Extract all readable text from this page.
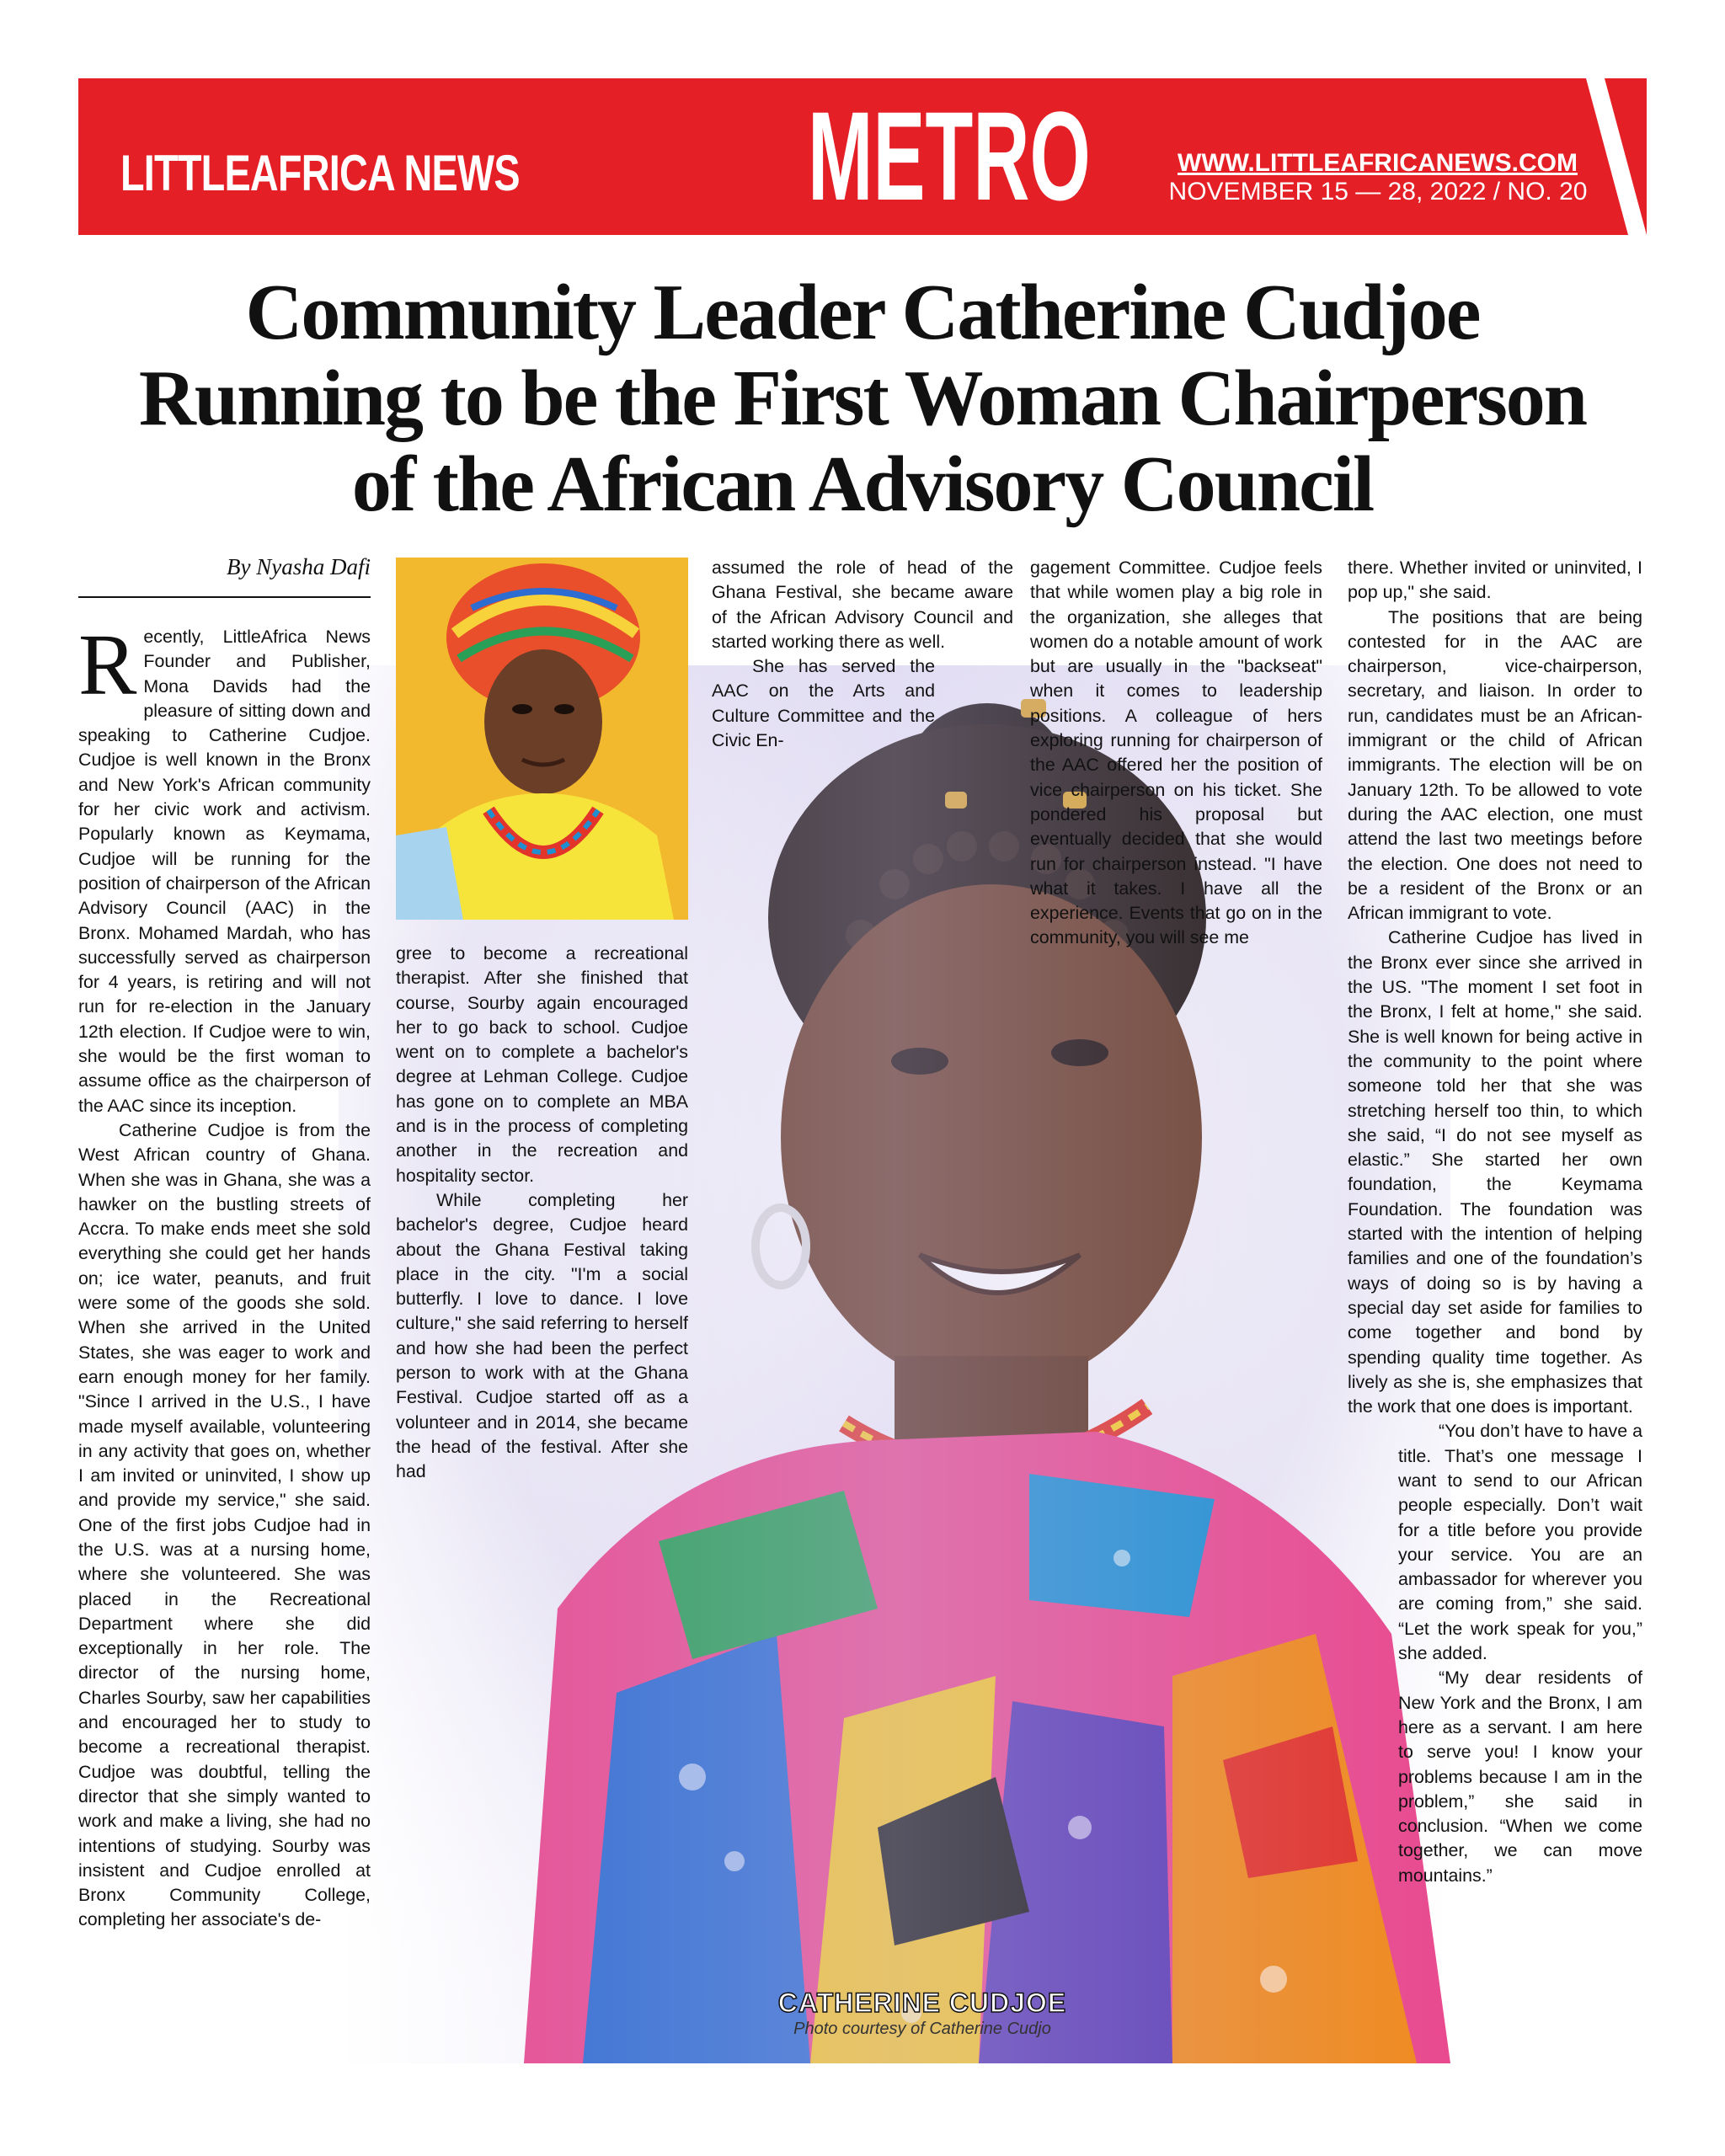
LITTLEAFRICA NEWS METRO	WWW.LITTLEAFRICANEWS.COM
NOVEMBER 15 — 28, 2022 / NO. 20 5
Community Leader Catherine Cudjoe
Running to be the First Woman Chairperson
of the African Advisory Council
By Nyasha Dafi

Recently, LittleAfrica News Founder and Publisher, Mona Davids had the pleasure of sitting down and speaking to Catherine Cudjoe. Cudjoe is well known in the Bronx and New York's African community for her civic work and activism. Popularly known as Keymama, Cudjoe will be running for the position of chairperson of the African Advisory Council (AAC) in the Bronx. Mohamed Mardah, who has successfully served as chairperson for 4 years, is retiring and will not run for re-election in the January 12th election. If Cudjoe were to win, she would be the first woman to assume office as the chairperson of the AAC since its inception.

Catherine Cudjoe is from the West African country of Ghana. When she was in Ghana, she was a hawker on the bustling streets of Accra. To make ends meet she sold everything she could get her hands on; ice water, peanuts, and fruit were some of the goods she sold. When she arrived in the United States, she was eager to work and earn enough money for her family. "Since I arrived in the U.S., I have made myself available, volunteering in any activity that goes on, whether I am invited or uninvited, I show up and provide my service," she said. One of the first jobs Cudjoe had in the U.S. was at a nursing home, where she volunteered. She was placed in the Recreational Department where she did exceptionally in her role. The director of the nursing home, Charles Sourby, saw her capabilities and encouraged her to study to become a recreational therapist. Cudjoe was doubtful, telling the director that she simply wanted to work and make a living, she had no intentions of studying. Sourby was insistent and Cudjoe enrolled at Bronx Community College, completing her associate's de-

gree to become a recreational therapist. After she finished that course, Sourby again encouraged her to go back to school. Cudjoe went on to complete a bachelor's degree at Lehman College. Cudjoe has gone on to complete an MBA and is in the process of completing another in the recreation and hospitality sector.

While completing her bachelor's degree, Cudjoe heard about the Ghana Festival taking place in the city. "I'm a social butterfly. I love to dance. I love culture," she said referring to herself and how she had been the perfect person to work with at the Ghana Festival. Cudjoe started off as a volunteer and in 2014, she became the head of the festival. After she had

assumed the role of head of the Ghana Festival, she became aware of the African Advisory Council and started working there as well.

She has served the AAC on the Arts and Culture Committee and the Civic En-

gagement Committee. Cudjoe feels that while women play a big role in the organization, she alleges that women do a notable amount of work but are usually in the "backseat" when it comes to leadership positions. A colleague of hers exploring running for chairperson of the AAC offered her the position of vice chairperson on his ticket. She pondered his proposal but eventually decided that she would run for chairperson instead. "I have what it takes. I have all the experience. Events that go on in the community, you will see me

there. Whether invited or uninvited, I pop up," she said.

The positions that are being contested for in the AAC are chairperson, vice-chairperson, secretary, and liaison. In order to run, candidates must be an African-immigrant or the child of African immigrants. The election will be on January 12th. To be allowed to vote during the AAC election, one must attend the last two meetings before the election. One does not need to be a resident of the Bronx or an African immigrant to vote.

Catherine Cudjoe has lived in the Bronx ever since she arrived in the US. "The moment I set foot in the Bronx, I felt at home," she said. She is well known for being active in the community to the point where someone told her that she was stretching herself too thin, to which she said, “I do not see myself as elastic.” She started her own foundation, the Keymama Foundation. The foundation was started with the intention of helping families and one of the foundation’s ways of doing so is by having a special day set aside for families to come together and bond by spending quality time together. As lively as she is, she emphasizes that the work that one does is important.

“You don’t have to have a title. That’s one message I want to send to our African people especially. Don’t wait for a title before you provide your service. You are an ambassador for wherever you are coming from,” she said. “Let the work speak for you,” she added.

“My dear residents of New York and the Bronx, I am here as a servant. I am here to serve you! I know your problems because I am in the problem,” she said in conclusion. “When we come together, we can move mountains.”

CATHERINE CUDJOE
Photo courtesy of Catherine Cudjo
